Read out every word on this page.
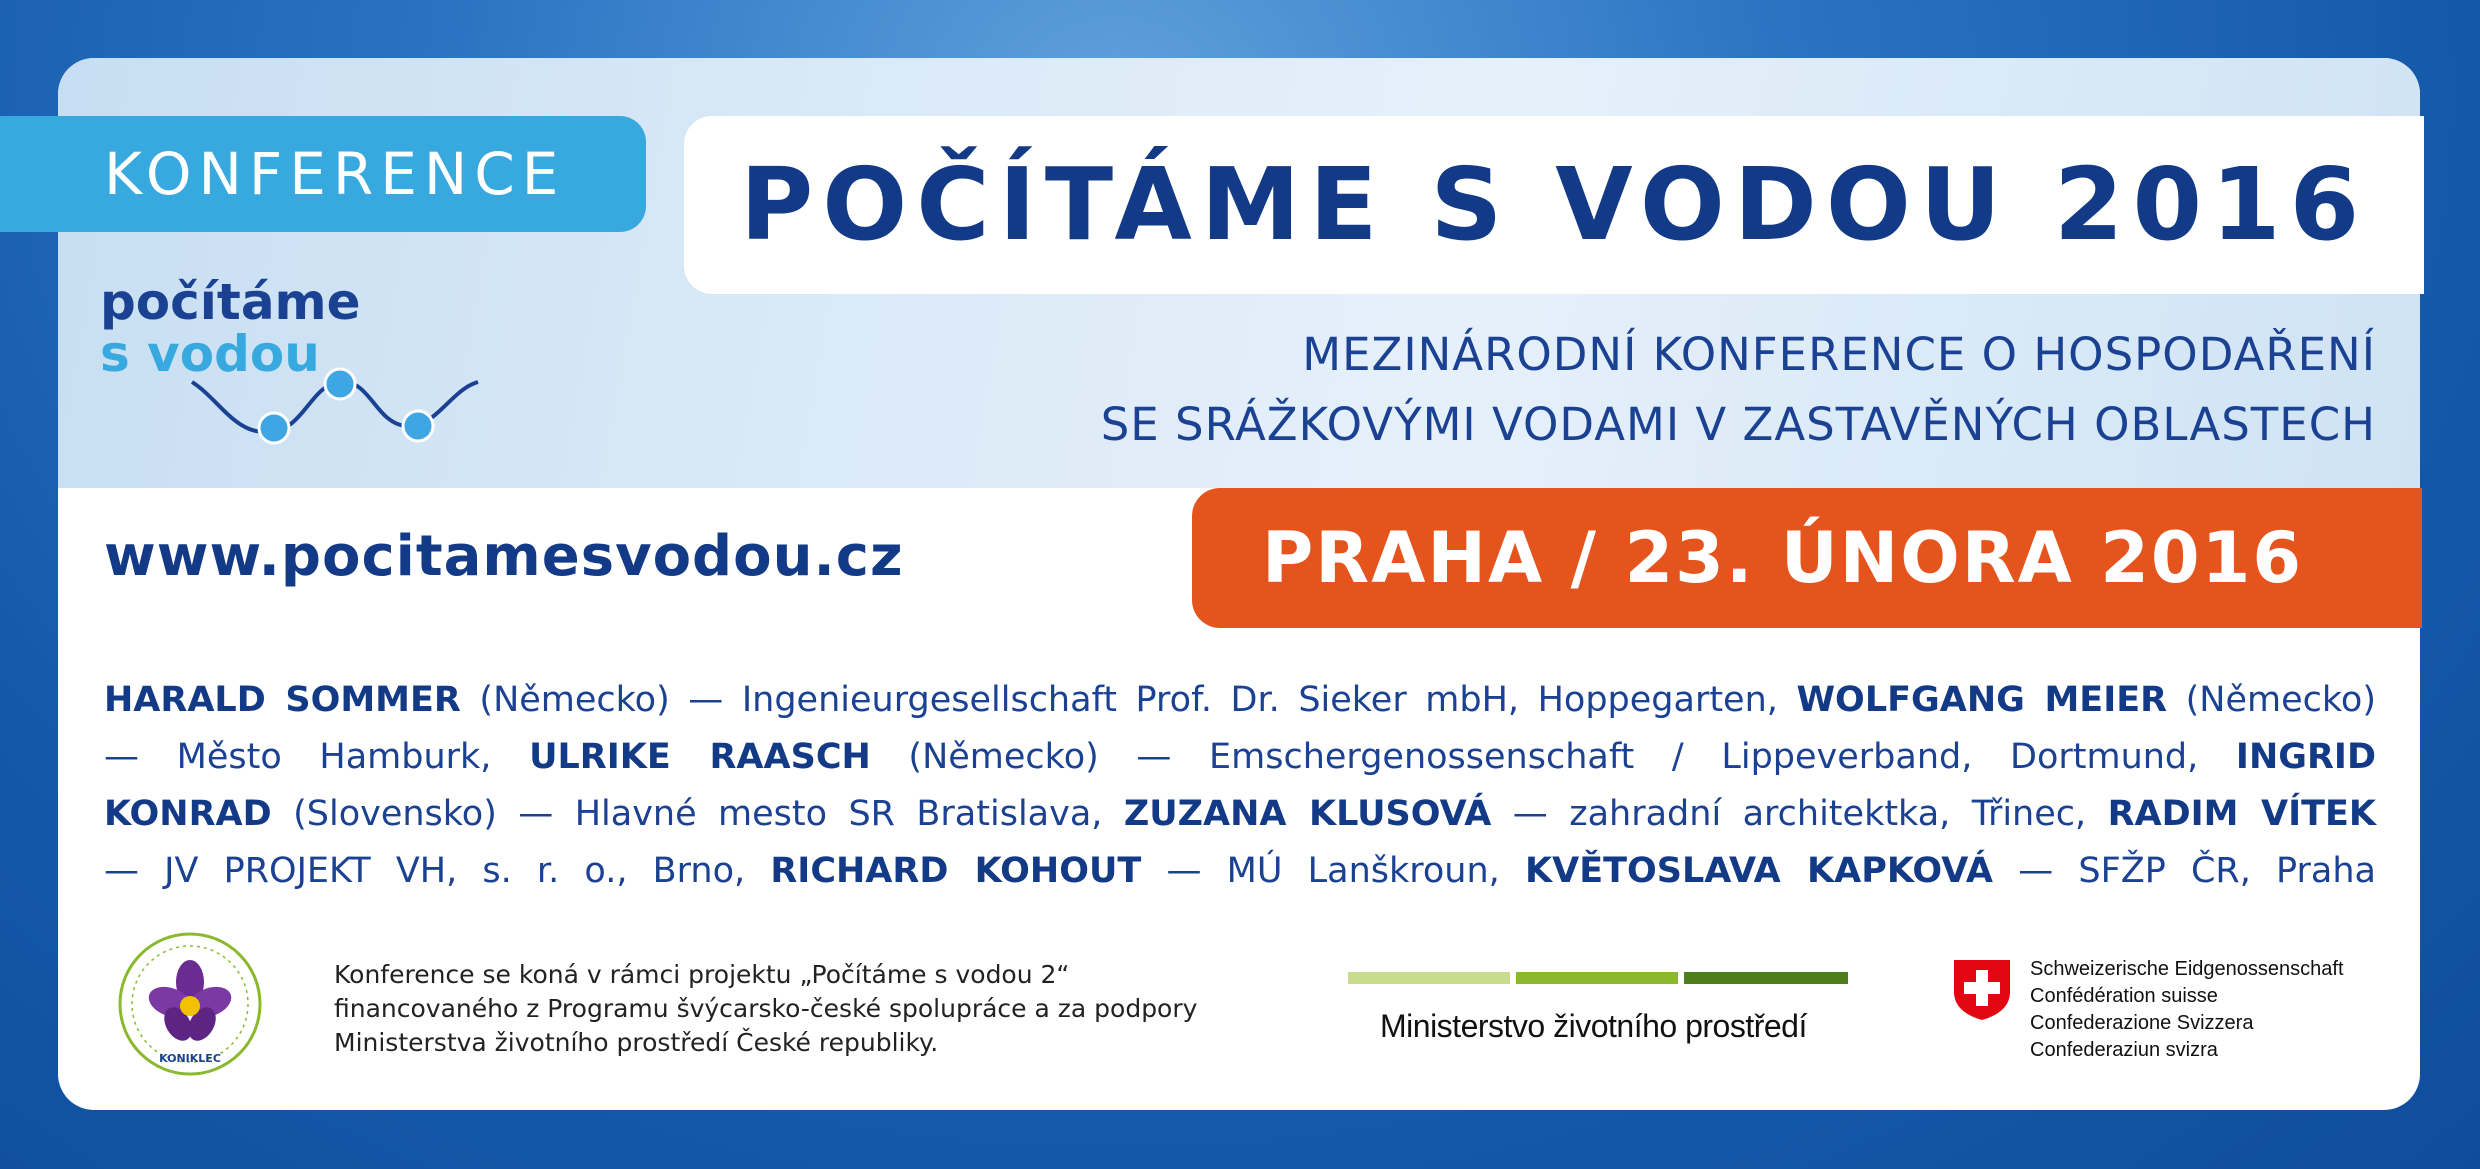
KONFERENCE POČÍTÁME S VODOU 2016
počítáme
s vodou	MEZINÁRODNÍ KONFERENCE O HOSPODAŘENÍ
SE SRÁŽKOVÝMI VODAMI V ZASTAVĚNÝCH OBLASTECH
www.pocitamesvodou.cz	PRAHA / 23. ÚNORA 2016
HARALD SOMMER (Německo) — Ingenieurgesellschaft Prof. Dr. Sieker mbH, Hoppegarten, WOLFGANG MEIER (Německo)
— Město Hamburk, ULRIKE RAASCH (Německo) — Emschergenossenschaft / Lippeverband, Dortmund, INGRID
KONRAD (Slovensko) — Hlavné mesto SR Bratislava, ZUZANA KLUSOVÁ — zahradní architektka, Třinec, RADIM VÍTEK
— JV PROJEKT VH, s. r. o., Brno, RICHARD KOHOUT — MÚ Lanškroun, KVĚTOSLAVA KAPKOVÁ — SFŽP ČR, Praha
KONIKLEC
Konference se koná v rámci projektu „Počítáme s vodou 2“
financovaného z Programu švýcarsko-české spolupráce a za podpory
Ministerstva životního prostředí České republiky.	Ministerstvo životního prostředí
Schweizerische Eidgenossenschaft
Confédération suisse
Confederazione Svizzera
Confederaziun svizra
